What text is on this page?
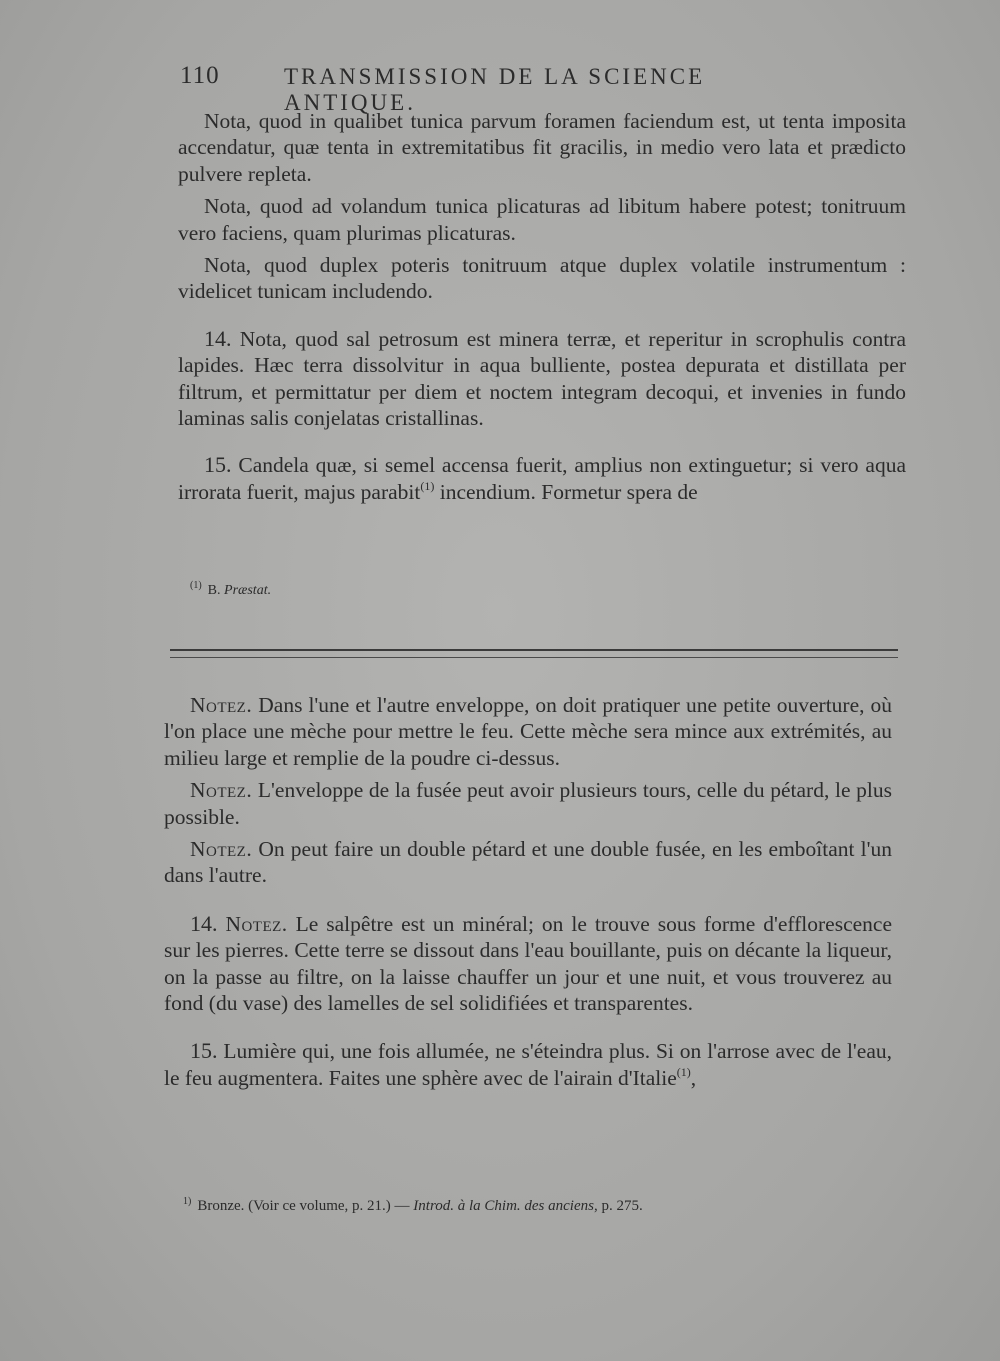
110	TRANSMISSION DE LA SCIENCE ANTIQUE.

Nota, quod in qualibet tunica parvum foramen faciendum est, ut tenta imposita accendatur, quæ tenta in extremitatibus fit gracilis, in medio vero lata et prædicto pulvere repleta.

Nota, quod ad volandum tunica plicaturas ad libitum habere potest; tonitruum vero faciens, quam plurimas plicaturas.

Nota, quod duplex poteris tonitruum atque duplex volatile instrumentum : videlicet tunicam includendo.

14. Nota, quod sal petrosum est minera terræ, et reperitur in scrophulis contra lapides. Hæc terra dissolvitur in aqua bulliente, postea depurata et distillata per filtrum, et permittatur per diem et noctem integram decoqui, et invenies in fundo laminas salis conjelatas cristallinas.

15. Candela quæ, si semel accensa fuerit, amplius non extinguetur; si vero aqua irrorata fuerit, majus parabit$^{(1)}$ incendium. Formetur spera de

$^{(1)}$ B. Præstat.

Notez. Dans l'une et l'autre enveloppe, on doit pratiquer une petite ouverture, où l'on place une mèche pour mettre le feu. Cette mèche sera mince aux extrémités, au milieu large et remplie de la poudre ci-dessus.

Notez. L'enveloppe de la fusée peut avoir plusieurs tours, celle du pétard, le plus possible.

Notez. On peut faire un double pétard et une double fusée, en les emboîtant l'un dans l'autre.

14. Notez. Le salpêtre est un minéral; on le trouve sous forme d'efflorescence sur les pierres. Cette terre se dissout dans l'eau bouillante, puis on décante la liqueur, on la passe au filtre, on la laisse chauffer un jour et une nuit, et vous trouverez au fond (du vase) des lamelles de sel solidifiées et transparentes.

15. Lumière qui, une fois allumée, ne s'éteindra plus. Si on l'arrose avec de l'eau, le feu augmentera. Faites une sphère avec de l'airain d'Italie$^{(1)}$,

$^{1)}$ Bronze. (Voir ce volume, p. 21.) — Introd. à la Chim. des anciens, p. 275.
